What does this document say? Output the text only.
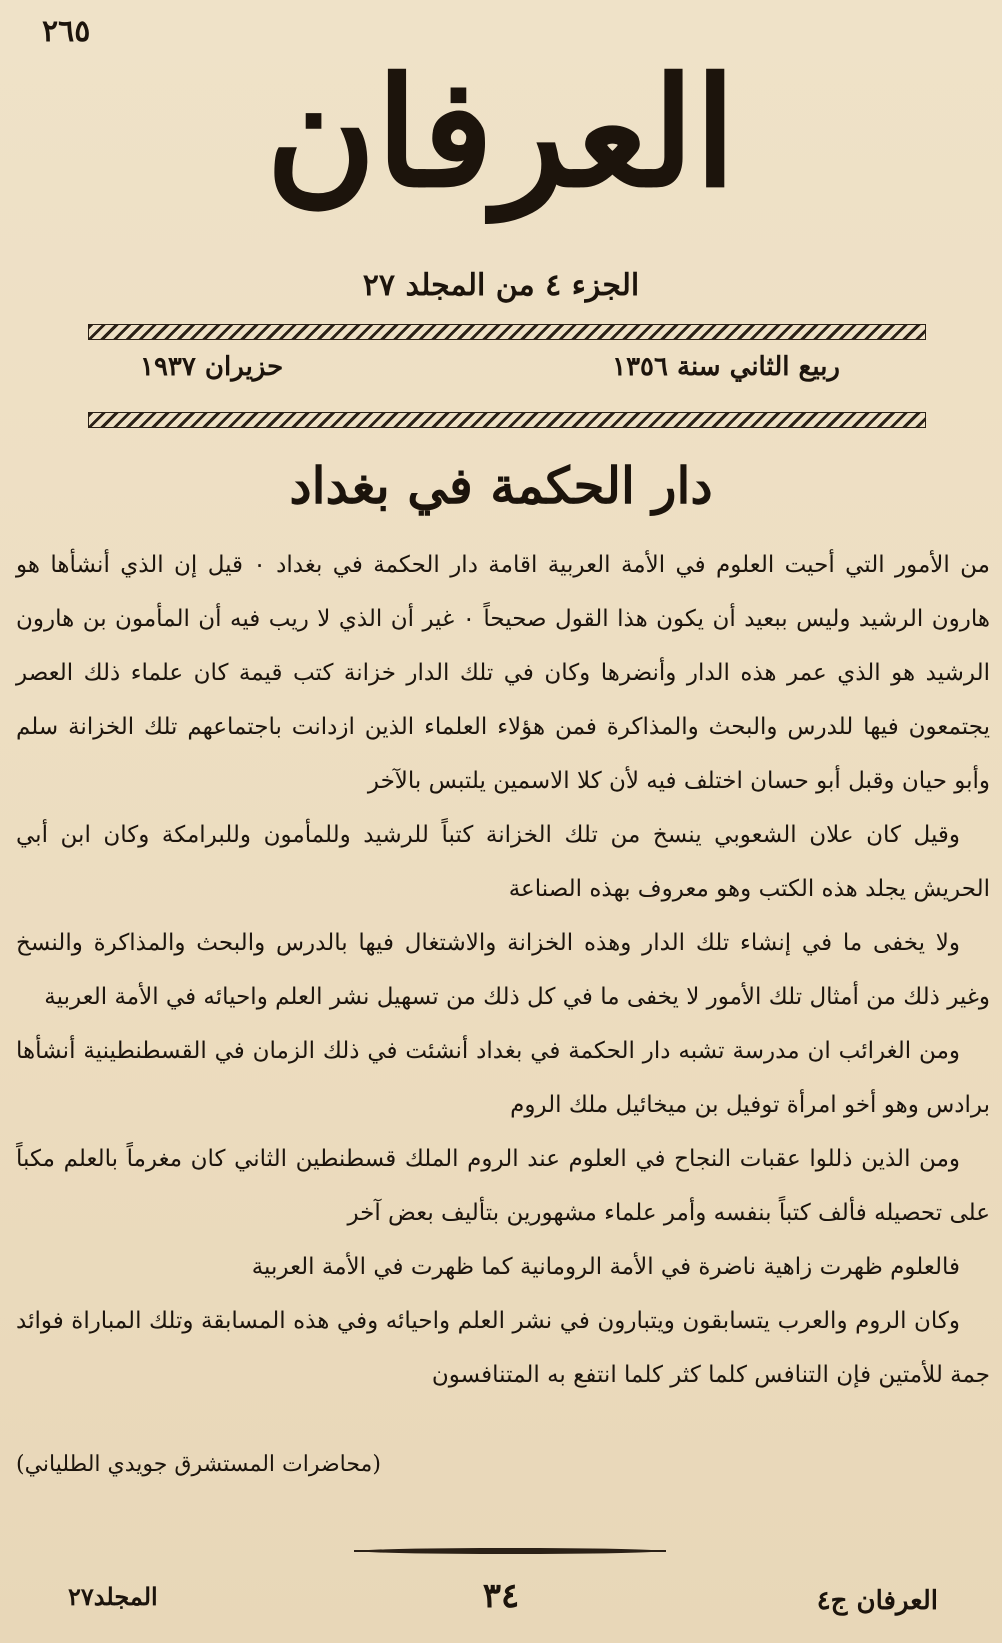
٢٦٥
العرفان
الجزء ٤ من المجلد ٢٧
ربيع الثاني سنة ١٣٥٦
حزيران ١٩٣٧
دار الحكمة في بغداد

من الأمور التي أحيت العلوم في الأمة العربية اقامة دار الحكمة في بغداد ٠ قيل إن الذي أنشأها هو هارون الرشيد وليس ببعيد أن يكون هذا القول صحيحاً ٠ غير أن الذي لا ريب فيه أن المأمون بن هارون الرشيد هو الذي عمر هذه الدار وأنضرها وكان في تلك الدار خزانة كتب قيمة كان علماء ذلك العصر يجتمعون فيها للدرس والبحث والمذاكرة فمن هؤلاء العلماء الذين ازدانت باجتماعهم تلك الخزانة سلم وأبو حيان وقبل أبو حسان اختلف فيه لأن كلا الاسمين يلتبس بالآخر

وقيل كان علان الشعوبي ينسخ من تلك الخزانة كتباً للرشيد وللمأمون وللبرامكة وكان ابن أبي الحريش يجلد هذه الكتب وهو معروف بهذه الصناعة

ولا يخفى ما في إنشاء تلك الدار وهذه الخزانة والاشتغال فيها بالدرس والبحث والمذاكرة والنسخ وغير ذلك من أمثال تلك الأمور لا يخفى ما في كل ذلك من تسهيل نشر العلم واحيائه في الأمة العربية

ومن الغرائب ان مدرسة تشبه دار الحكمة في بغداد أنشئت في ذلك الزمان في القسطنطينية أنشأها برادس وهو أخو امرأة توفيل بن ميخائيل ملك الروم

ومن الذين ذللوا عقبات النجاح في العلوم عند الروم الملك قسطنطين الثاني كان مغرماً بالعلم مكباً على تحصيله فألف كتباً بنفسه وأمر علماء مشهورين بتأليف بعض آخر

فالعلوم ظهرت زاهية ناضرة في الأمة الرومانية كما ظهرت في الأمة العربية

وكان الروم والعرب يتسابقون ويتبارون في نشر العلم واحيائه وفي هذه المسابقة وتلك المباراة فوائد جمة للأمتين فإن التنافس كلما كثر كلما انتفع به المتنافسون

(محاضرات المستشرق جويدي الطلياني)
العرفان ج٤
٣٤
المجلد٢٧
